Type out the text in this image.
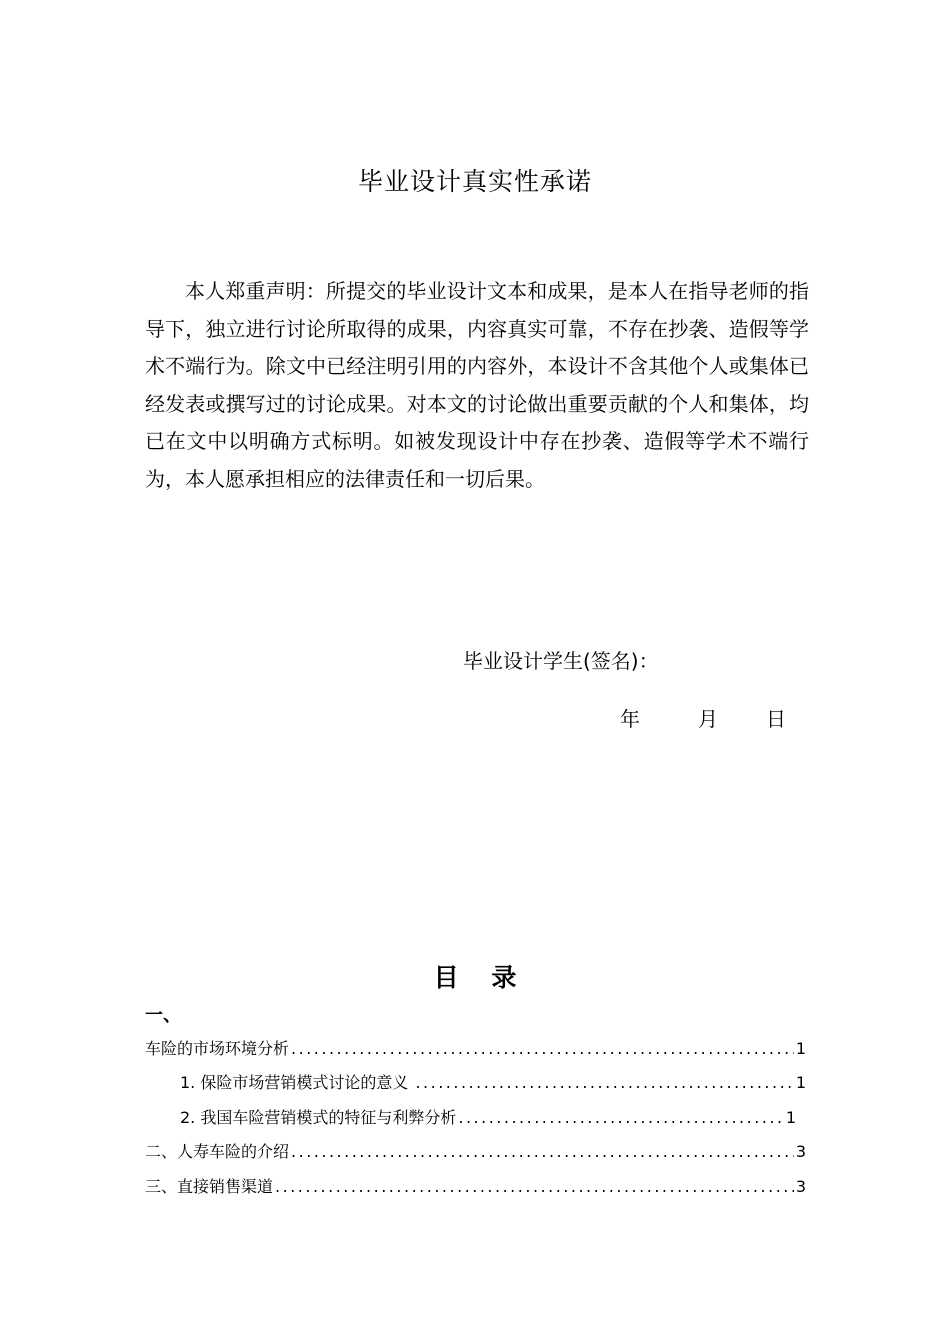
毕业设计真实性承诺

本人郑重声明：所提交的毕业设计文本和成果，是本人在指导老师的指导下，独立进行讨论所取得的成果，内容真实可靠，不存在抄袭、造假等学术不端行为。除文中已经注明引用的内容外，本设计不含其他个人或集体已经发表或撰写过的讨论成果。对本文的讨论做出重要贡献的个人和集体，均已在文中以明确方式标明。如被发现设计中存在抄袭、造假等学术不端行为，本人愿承担相应的法律责任和一切后果。

毕业设计学生(签名)：
年	月 日
目 录
一、
车险的市场环境分析 .....	1
1. 保险市场营销模式讨论的意义 .....	1
2. 我国车险营销模式的特征与利弊分析 .....	1
二、人寿车险的介绍 .....	3
三、直接销售渠道 .....	3
